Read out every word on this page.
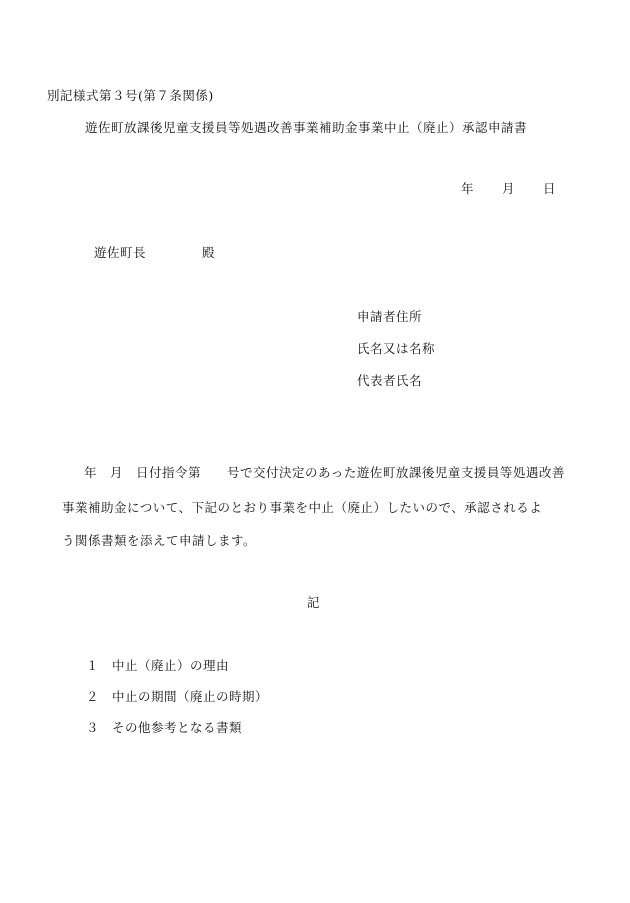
別記様式第３号(第７条関係)
遊佐町放課後児童支援員等処遇改善事業補助金事業中止（廃止）承認申請書
年 月 日
遊佐町長	殿
申請者住所
氏名又は名称
代表者氏名
年　月　日付指令第　　号で交付決定のあった遊佐町放課後児童支援員等処遇改善
事業補助金について、下記のとおり事業を中止（廃止）したいので、承認されるよ
う関係書類を添えて申請します。
記
１ 中止（廃止）の理由
２ 中止の期間（廃止の時期）
３ その他参考となる書類
